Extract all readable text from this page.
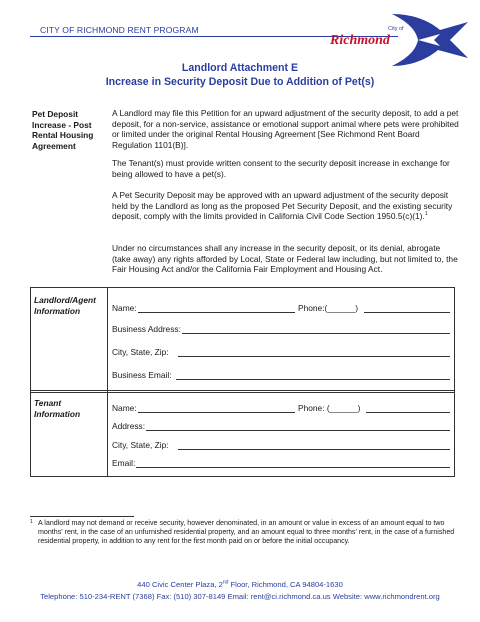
CITY OF RICHMOND RENT PROGRAM	City of
Richmond
Landlord Attachment E
Increase in Security Deposit Due to Addition of Pet(s)
Pet Deposit Increase - Post Rental Housing Agreement
A Landlord may file this Petition for an upward adjustment of the security deposit, to add a pet deposit, for a non-service, assistance or emotional support animal where pets were prohibited or limited under the original Rental Housing Agreement [See Richmond Rent Board Regulation 1101(B)].
The Tenant(s) must provide written consent to the security deposit increase in exchange for being allowed to have a pet(s).
A Pet Security Deposit may be approved with an upward adjustment of the security deposit held by the Landlord as long as the proposed Pet Security Deposit, and the existing security deposit, comply with the limits provided in California Civil Code Section 1950.5(c)(1).$^1$
Under no circumstances shall any increase in the security deposit, or its denial, abrogate (take away) any rights afforded by Local, State or Federal law including, but not limited to, the Fair Housing Act and/or the California Fair Employment and Housing Act.
Landlord/Agent Information	Name:	Phone:(______)
Business Address:
City, State, Zip:
Business Email:
Tenant Information
Name:	Phone: (______)
Address:
City, State, Zip:
Email:
1 A landlord may not demand or receive security, however denominated, in an amount or value in excess of an amount equal to two months' rent, in the case of an unfurnished residential property, and an amount equal to three months' rent, in the case of a furnished residential property, in addition to any rent for the first month paid on or before the initial occupancy.
440 Civic Center Plaza, 2nd Floor, Richmond, CA 94804-1630
Telephone: 510-234-RENT (7368) Fax: (510) 307-8149 Email: rent@ci.richmond.ca.us Website: www.richmondrent.org
